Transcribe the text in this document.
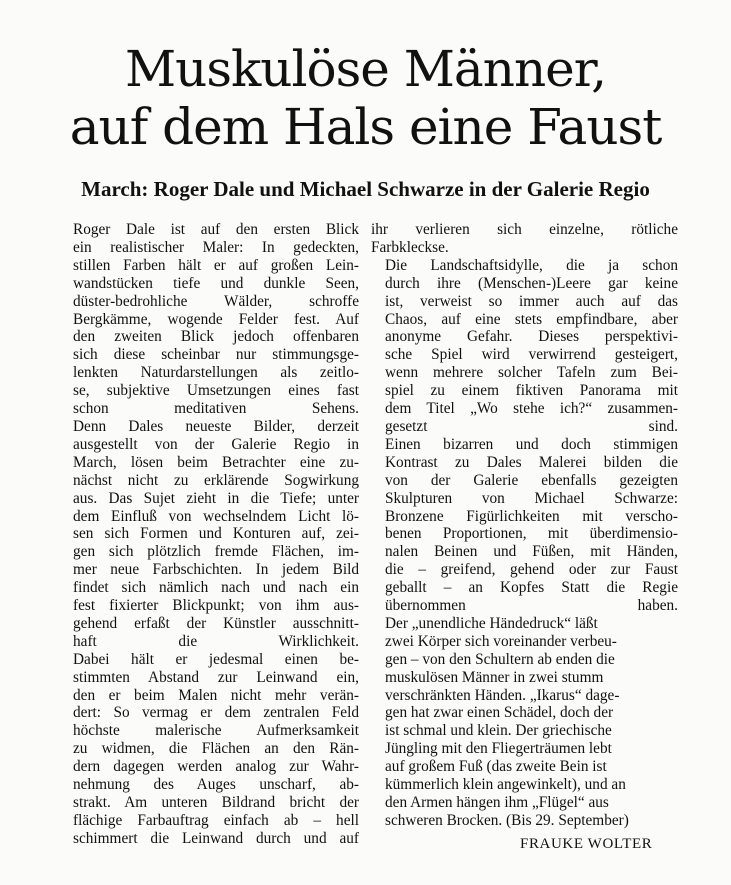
Muskulöse Männer,
auf dem Hals eine Faust
March: Roger Dale und Michael Schwarze in der Galerie Regio
Roger Dale ist auf den ersten Blick
ein realistischer Maler: In gedeckten,
stillen Farben hält er auf großen Lein-
wandstücken tiefe und dunkle Seen,
düster-bedrohliche Wälder, schroffe
Bergkämme, wogende Felder fest. Auf
den zweiten Blick jedoch offenbaren
sich diese scheinbar nur stimmungsge-
lenkten Naturdarstellungen als zeitlo-
se, subjektive Umsetzungen eines fast
schon meditativen Sehens.
Denn Dales neueste Bilder, derzeit
ausgestellt von der Galerie Regio in
March, lösen beim Betrachter eine zu-
nächst nicht zu erklärende Sogwirkung
aus. Das Sujet zieht in die Tiefe; unter
dem Einfluß von wechselndem Licht lö-
sen sich Formen und Konturen auf, zei-
gen sich plötzlich fremde Flächen, im-
mer neue Farbschichten. In jedem Bild
findet sich nämlich nach und nach ein
fest fixierter Blickpunkt; von ihm aus-
gehend erfaßt der Künstler ausschnitt-
haft die Wirklichkeit.
Dabei hält er jedesmal einen be-
stimmten Abstand zur Leinwand ein,
den er beim Malen nicht mehr verän-
dert: So vermag er dem zentralen Feld
höchste malerische Aufmerksamkeit
zu widmen, die Flächen an den Rän-
dern dagegen werden analog zur Wahr-
nehmung des Auges unscharf, ab-
strakt. Am unteren Bildrand bricht der
flächige Farbauftrag einfach ab – hell
schimmert die Leinwand durch und auf
ihr verlieren sich einzelne, rötliche
Farbkleckse.
Die Landschaftsidylle, die ja schon
durch ihre (Menschen-)Leere gar keine
ist, verweist so immer auch auf das
Chaos, auf eine stets empfindbare, aber
anonyme Gefahr. Dieses perspektivi-
sche Spiel wird verwirrend gesteigert,
wenn mehrere solcher Tafeln zum Bei-
spiel zu einem fiktiven Panorama mit
dem Titel „Wo stehe ich?“ zusammen-
gesetzt sind.
Einen bizarren und doch stimmigen
Kontrast zu Dales Malerei bilden die
von der Galerie ebenfalls gezeigten
Skulpturen von Michael Schwarze:
Bronzene Figürlichkeiten mit verscho-
benen Proportionen, mit überdimensio-
nalen Beinen und Füßen, mit Händen,
die – greifend, gehend oder zur Faust
geballt – an Kopfes Statt die Regie
übernommen haben.
Der „unendliche Händedruck“ läßt
zwei Körper sich voreinander verbeu-
gen – von den Schultern ab enden die
muskulösen Männer in zwei stumm
verschränkten Händen. „Ikarus“ dage-
gen hat zwar einen Schädel, doch der
ist schmal und klein. Der griechische
Jüngling mit den Fliegerträumen lebt
auf großem Fuß (das zweite Bein ist
kümmerlich klein angewinkelt), und an
den Armen hängen ihm „Flügel“ aus
schweren Brocken. (Bis 29. September)
FRAUKE WOLTER
